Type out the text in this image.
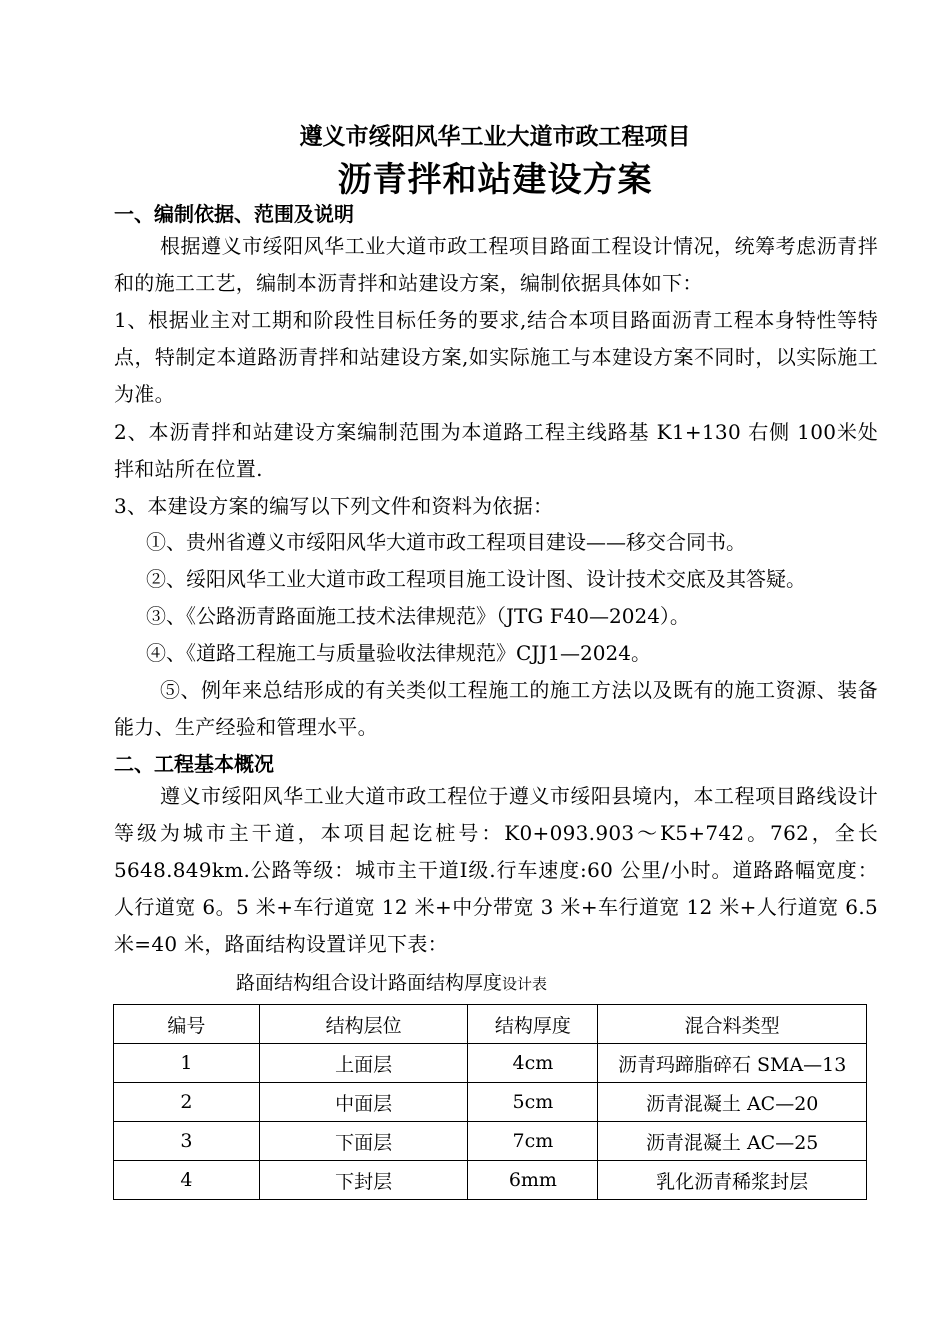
遵义市绥阳风华工业大道市政工程项目
沥青拌和站建设方案
一、编制依据、范围及说明
根据遵义市绥阳风华工业大道市政工程项目路面工程设计情况，统筹考虑沥青拌和的施工工艺，编制本沥青拌和站建设方案，编制依据具体如下：
1、根据业主对工期和阶段性目标任务的要求,结合本项目路面沥青工程本身特性等特点，特制定本道路沥青拌和站建设方案,如实际施工与本建设方案不同时，以实际施工为准。
2、本沥青拌和站建设方案编制范围为本道路工程主线路基 K1+130 右侧 100米处拌和站所在位置.
3、本建设方案的编写以下列文件和资料为依据：
①、贵州省遵义市绥阳风华大道市政工程项目建设——移交合同书。
②、绥阳风华工业大道市政工程项目施工设计图、设计技术交底及其答疑。
③、《公路沥青路面施工技术法律规范》（JTG F40—2024）。
④、《道路工程施工与质量验收法律规范》CJJ1—2024。
⑤、例年来总结形成的有关类似工程施工的施工方法以及既有的施工资源、装备能力、生产经验和管理水平。
二、工程基本概况
遵义市绥阳风华工业大道市政工程位于遵义市绥阳县境内，本工程项目路线设计等级为城市主干道，本项目起讫桩号：K0+093.903～K5+742。762，全长 5648.849km.公路等级：城市主干道Ⅰ级.行车速度:60 公里/小时。道路路幅宽度：人行道宽 6。5 米+车行道宽 12 米+中分带宽 3 米+车行道宽 12 米+人行道宽 6.5 米=40 米，路面结构设置详见下表：
路面结构组合设计路面结构厚度设计表
编号	结构层位	结构厚度	混合料类型
1	上面层	4cm	沥青玛蹄脂碎石 SMA—13
2	中面层	5cm	沥青混凝土 AC—20
3	下面层	7cm	沥青混凝土 AC—25
4	下封层	6mm	乳化沥青稀浆封层
